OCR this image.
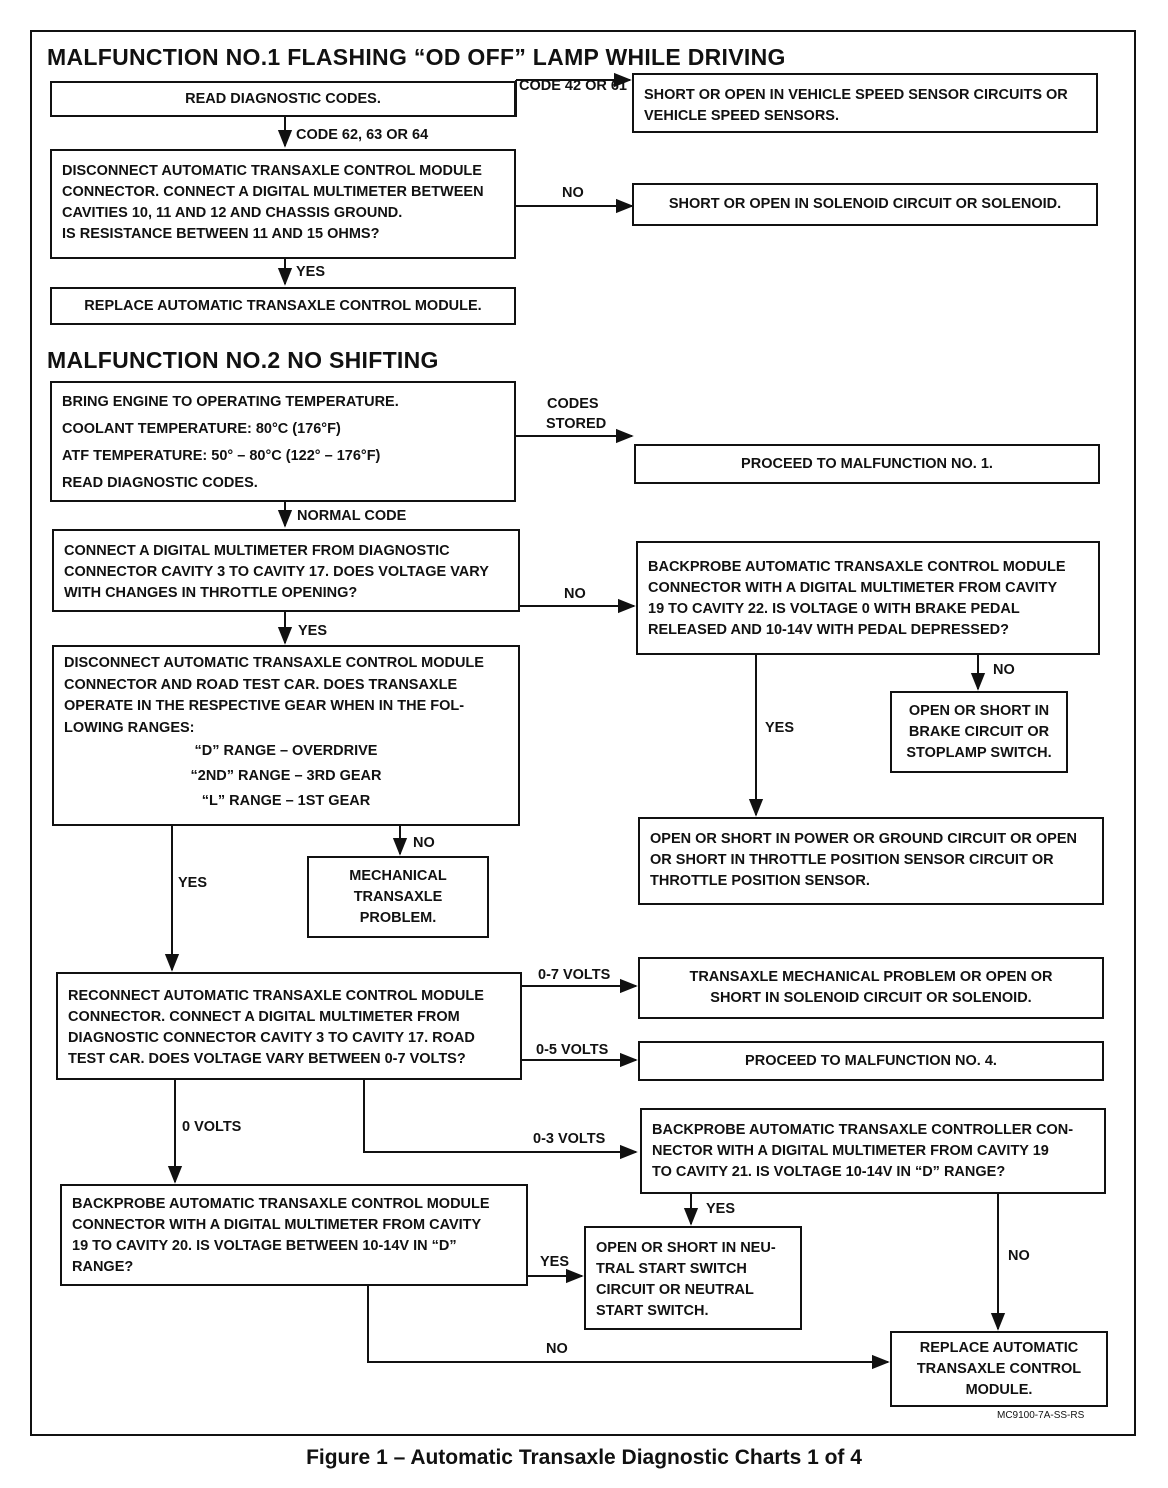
MALFUNCTION NO.1 FLASHING “OD OFF” LAMP WHILE DRIVING
MALFUNCTION NO.2 NO SHIFTING
READ DIAGNOSTIC CODES.
CODE 42 OR 61
SHORT OR OPEN IN VEHICLE SPEED SENSOR CIRCUITS OR
VEHICLE SPEED SENSORS.
CODE 62, 63 OR 64
DISCONNECT AUTOMATIC TRANSAXLE CONTROL MODULE
CONNECTOR. CONNECT A DIGITAL MULTIMETER BETWEEN
CAVITIES 10, 11 AND 12 AND CHASSIS GROUND.
IS RESISTANCE BETWEEN 11 AND 15 OHMS?
NO
SHORT OR OPEN IN SOLENOID CIRCUIT OR SOLENOID.
YES
REPLACE AUTOMATIC TRANSAXLE CONTROL MODULE.
BRING ENGINE TO OPERATING TEMPERATURE.
COOLANT TEMPERATURE: 80°C (176°F)
ATF TEMPERATURE: 50° – 80°C (122° – 176°F)
READ DIAGNOSTIC CODES.
CODES
STORED
PROCEED TO MALFUNCTION NO. 1.
NORMAL CODE
CONNECT A DIGITAL MULTIMETER FROM DIAGNOSTIC
CONNECTOR CAVITY 3 TO CAVITY 17. DOES VOLTAGE VARY
WITH CHANGES IN THROTTLE OPENING?	NO
BACKPROBE AUTOMATIC TRANSAXLE CONTROL MODULE
CONNECTOR WITH A DIGITAL MULTIMETER FROM CAVITY
19 TO CAVITY 22. IS VOLTAGE 0 WITH BRAKE PEDAL
RELEASED AND 10-14V WITH PEDAL DEPRESSED?
NO
OPEN OR SHORT IN
BRAKE CIRCUIT OR
STOPLAMP SWITCH.
YES
OPEN OR SHORT IN POWER OR GROUND CIRCUIT OR OPEN
OR SHORT IN THROTTLE POSITION SENSOR CIRCUIT OR
THROTTLE POSITION SENSOR.
YES
DISCONNECT AUTOMATIC TRANSAXLE CONTROL MODULE
CONNECTOR AND ROAD TEST CAR. DOES TRANSAXLE
OPERATE IN THE RESPECTIVE GEAR WHEN IN THE FOL-
LOWING RANGES:
“D” RANGE – OVERDRIVE
“2ND” RANGE – 3RD GEAR
“L” RANGE – 1ST GEAR
NO
MECHANICAL
TRANSAXLE
PROBLEM.
YES
RECONNECT AUTOMATIC TRANSAXLE CONTROL MODULE
CONNECTOR. CONNECT A DIGITAL MULTIMETER FROM
DIAGNOSTIC CONNECTOR CAVITY 3 TO CAVITY 17. ROAD
TEST CAR. DOES VOLTAGE VARY BETWEEN 0-7 VOLTS?
0-7 VOLTS	TRANSAXLE MECHANICAL PROBLEM OR OPEN OR
SHORT IN SOLENOID CIRCUIT OR SOLENOID.
0-5 VOLTS
PROCEED TO MALFUNCTION NO. 4.
0-3 VOLTS
BACKPROBE AUTOMATIC TRANSAXLE CONTROLLER CON-
NECTOR WITH A DIGITAL MULTIMETER FROM CAVITY 19
TO CAVITY 21. IS VOLTAGE 10-14V IN “D” RANGE?
0 VOLTS
BACKPROBE AUTOMATIC TRANSAXLE CONTROL MODULE
CONNECTOR WITH A DIGITAL MULTIMETER FROM CAVITY
19 TO CAVITY 20. IS VOLTAGE BETWEEN 10-14V IN “D”
RANGE?	YES
YES
OPEN OR SHORT IN NEU-
TRAL START SWITCH
CIRCUIT OR NEUTRAL
START SWITCH.
NO
NO	REPLACE AUTOMATIC
TRANSAXLE CONTROL
MODULE.
MC9100-7A-SS-RS
Figure 1 – Automatic Transaxle Diagnostic Charts 1 of 4
